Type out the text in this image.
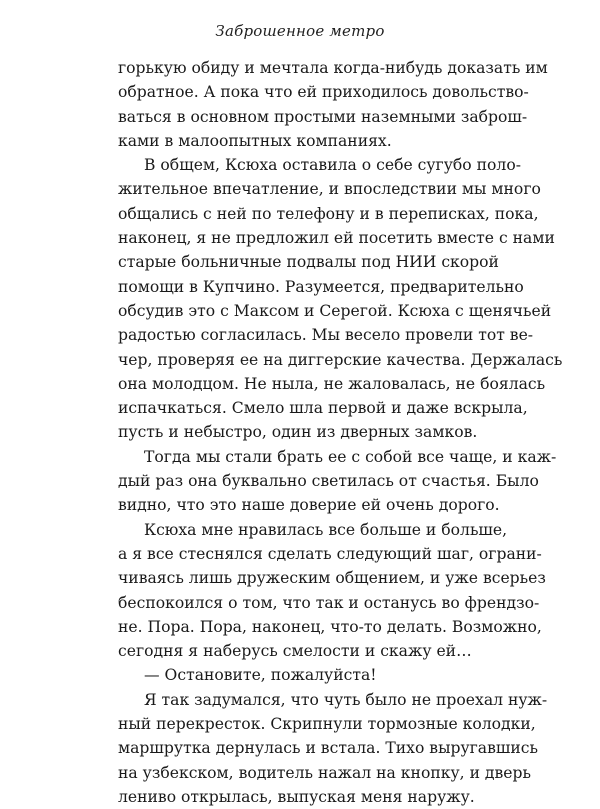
Заброшенное метро
горькую обиду и мечтала когда-нибудь доказать им
обратное. А пока что ей приходилось довольство-
ваться в основном простыми наземными заброш-
ками в малоопытных компаниях.
В общем, Ксюха оставила о себе сугубо поло-
жительное впечатление, и впоследствии мы много
общались с ней по телефону и в переписках, пока,
наконец, я не предложил ей посетить вместе с нами
старые больничные подвалы под НИИ скорой
помощи в Купчино. Разумеется, предварительно
обсудив это с Максом и Серегой. Ксюха с щенячьей
радостью согласилась. Мы весело провели тот ве-
чер, проверяя ее на диггерские качества. Держалась
она молодцом. Не ныла, не жаловалась, не боялась
испачкаться. Смело шла первой и даже вскрыла,
пусть и небыстро, один из дверных замков.
Тогда мы стали брать ее с собой все чаще, и каж-
дый раз она буквально светилась от счастья. Было
видно, что это наше доверие ей очень дорого.
Ксюха мне нравилась все больше и больше,
а я все стеснялся сделать следующий шаг, ограни-
чиваясь лишь дружеским общением, и уже всерьез
беспокоился о том, что так и останусь во френдзо-
не. Пора. Пора, наконец, что-то делать. Возможно,
сегодня я наберусь смелости и скажу ей…
— Остановите, пожалуйста!
Я так задумался, что чуть было не проехал нуж-
ный перекресток. Скрипнули тормозные колодки,
маршрутка дернулась и встала. Тихо выругавшись
на узбекском, водитель нажал на кнопку, и дверь
лениво открылась, выпуская меня наружу.
